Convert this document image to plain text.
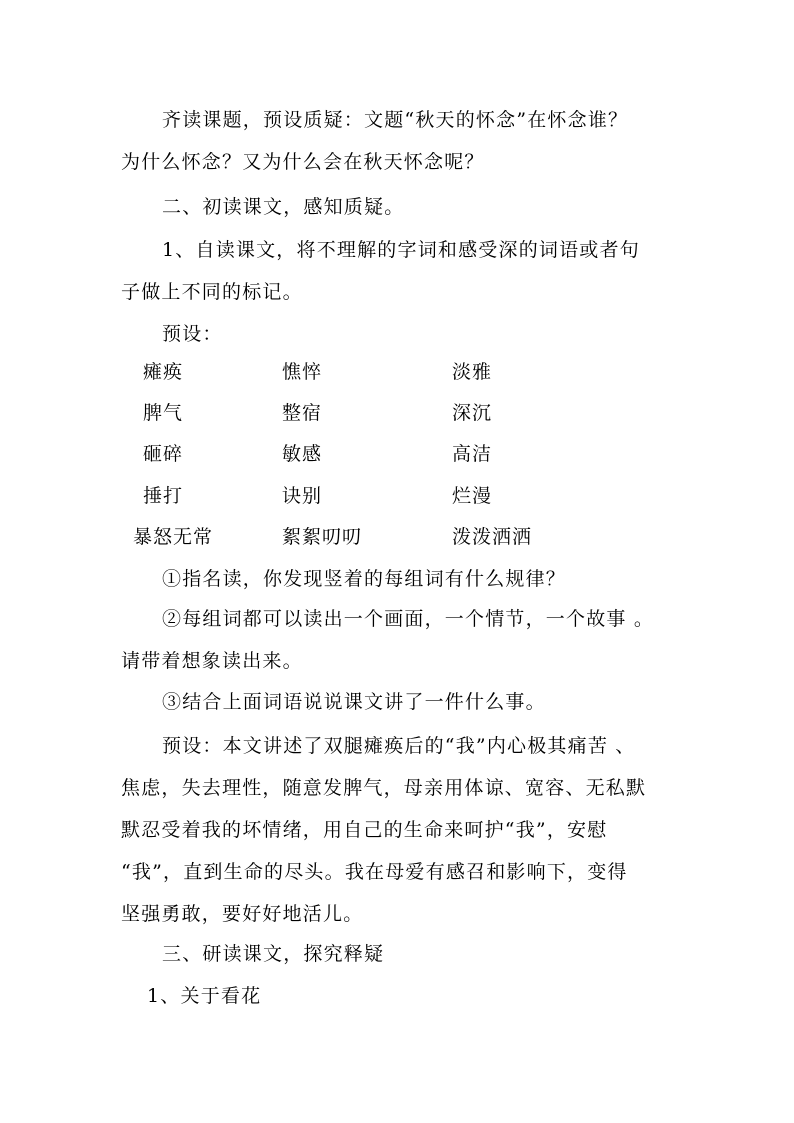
齐读课题，预设质疑：文题“秋天的怀念”在怀念谁？
为什么怀念？又为什么会在秋天怀念呢？
二、初读课文，感知质疑。
1、自读课文，将不理解的字词和感受深的词语或者句
子做上不同的标记。
预设：
瘫痪	憔悴	淡雅
脾气	整宿	深沉
砸碎	敏感	高洁
捶打	诀别	烂漫
暴怒无常	絮絮叨叨	泼泼洒洒
①指名读，你发现竖着的每组词有什么规律？
②每组词都可以读出一个画面，一个情节，一个故事 。
请带着想象读出来。
③结合上面词语说说课文讲了一件什么事。
预设：本文讲述了双腿瘫痪后的“我”内心极其痛苦 、
焦虑，失去理性，随意发脾气，母亲用体谅、宽容、无私默
默忍受着我的坏情绪，用自己的生命来呵护“我”，安慰
“我”，直到生命的尽头。我在母爱有感召和影响下，变得
坚强勇敢，要好好地活儿。
三、研读课文，探究释疑
1、关于看花
